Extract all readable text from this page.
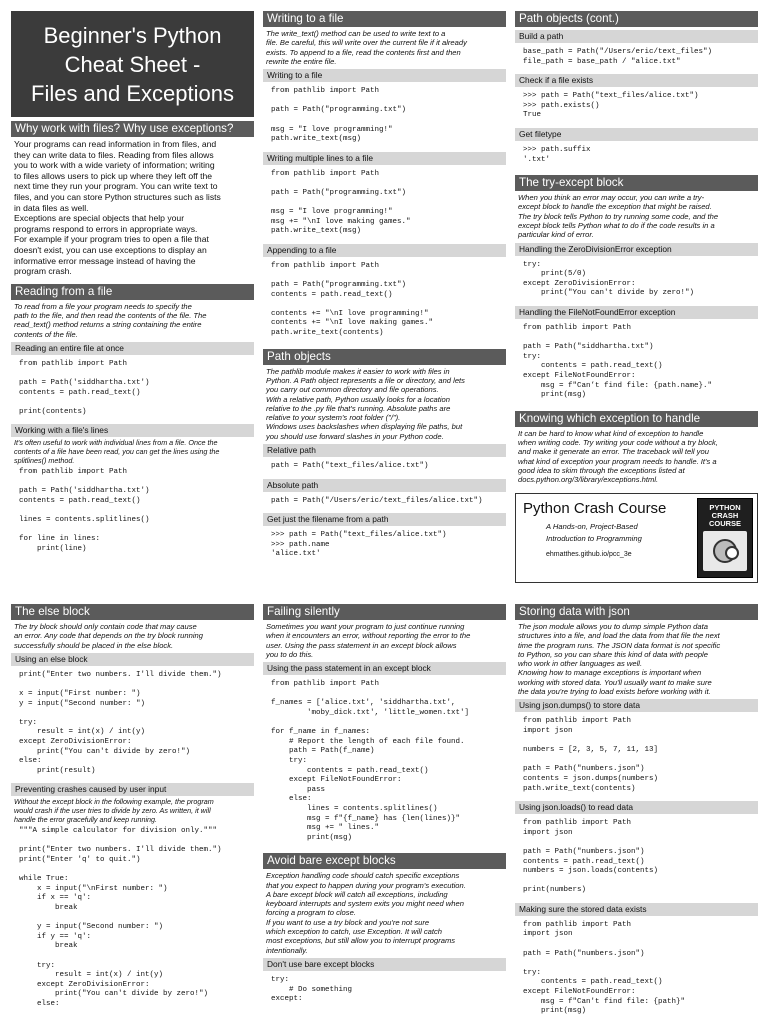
Beginner's Python
Cheat Sheet -
Files and Exceptions
Why work with files? Why use exceptions?
Your programs can read information in from files, and
they can write data to files. Reading from files allows
you to work with a wide variety of information; writing
to files allows users to pick up where they left off the
next time they run your program. You can write text to
files, and you can store Python structures such as lists
in data files as well.
Exceptions are special objects that help your
programs respond to errors in appropriate ways.
For example if your program tries to open a file that
doesn't exist, you can use exceptions to display an
informative error message instead of having the
program crash.
Reading from a file
To read from a file your program needs to specify the
path to the file, and then read the contents of the file. The
read_text() method returns a string containing the entire
contents of the file.
Reading an entire file at once
from pathlib import Path

path = Path('siddhartha.txt')
contents = path.read_text()

print(contents)
Working with a file's lines
It's often useful to work with individual lines from a file. Once the
contents of a file have been read, you can get the lines using the
splitlines() method.
from pathlib import Path

path = Path('siddhartha.txt')
contents = path.read_text()

lines = contents.splitlines()

for line in lines:
print(line)
Writing to a file
The write_text() method can be used to write text to a
file. Be careful, this will write over the current file if it already
exists. To append to a file, read the contents first and then
rewrite the entire file.
Writing to a file
from pathlib import Path

path = Path("programming.txt")

msg = "I love programming!"
path.write_text(msg)
Writing multiple lines to a file
from pathlib import Path

path = Path("programming.txt")

msg = "I love programming!"
msg += "\nI love making games."
path.write_text(msg)
Appending to a file
from pathlib import Path

path = Path("programming.txt")
contents = path.read_text()

contents += "\nI love programming!"
contents += "\nI love making games."
path.write_text(contents)
Path objects
The pathlib module makes it easier to work with files in
Python. A Path object represents a file or directory, and lets
you carry out common directory and file operations.
With a relative path, Python usually looks for a location
relative to the .py file that's running. Absolute paths are
relative to your system's root folder ("/").
Windows uses backslashes when displaying file paths, but
you should use forward slashes in your Python code.
Relative path
path = Path("text_files/alice.txt")
Absolute path
path = Path("/Users/eric/text_files/alice.txt")
Get just the filename from a path
>>> path = Path("text_files/alice.txt")
>>> path.name
'alice.txt'
Path objects (cont.)
Build a path
base_path = Path("/Users/eric/text_files")
file_path = base_path / "alice.txt"
Check if a file exists
>>> path = Path("text_files/alice.txt")
>>> path.exists()
True
Get filetype
>>> path.suffix
'.txt'
The try-except block
When you think an error may occur, you can write a try-
except block to handle the exception that might be raised.
The try block tells Python to try running some code, and the
except block tells Python what to do if the code results in a
particular kind of error.
Handling the ZeroDivisionError exception
try:
print(5/0)
except ZeroDivisionError:
print("You can't divide by zero!")
Handling the FileNotFoundError exception
from pathlib import Path

path = Path("siddhartha.txt")
try:
contents = path.read_text()
except FileNotFoundError:
msg = f"Can’t find file: {path.name}."
print(msg)
Knowing which exception to handle
It can be hard to know what kind of exception to handle
when writing code. Try writing your code without a try block,
and make it generate an error. The traceback will tell you
what kind of exception your program needs to handle. It's a
good idea to skim through the exceptions listed at
docs.python.org/3/library/exceptions.html.
Python Crash Course
A Hands-on, Project-Based
Introduction to Programming
ehmatthes.github.io/pcc_3e
PYTHON
CRASH COURSE
The else block
The try block should only contain code that may cause
an error. Any code that depends on the try block running
successfully should be placed in the else block.
Using an else block
print("Enter two numbers. I'll divide them.")

x = input("First number: ")
y = input("Second number: ")

try:
result = int(x) / int(y)
except ZeroDivisionError:
print("You can't divide by zero!")
else:
print(result)
Preventing crashes caused by user input
Without the except block in the following example, the program
would crash if the user tries to divide by zero. As written, it will
handle the error gracefully and keep running.
"""A simple calculator for division only."""

print("Enter two numbers. I'll divide them.")
print("Enter 'q' to quit.")

while True:
x = input("\nFirst number: ")
if x == 'q':
break

y = input("Second number: ")
if y == 'q':
break

try:
result = int(x) / int(y)
except ZeroDivisionError:
print("You can't divide by zero!")
else:
Failing silently
Sometimes you want your program to just continue running
when it encounters an error, without reporting the error to the
user. Using the pass statement in an except block allows
you to do this.
Using the pass statement in an except block
from pathlib import Path

f_names = ['alice.txt', 'siddhartha.txt',
'moby_dick.txt', 'little_women.txt']

for f_name in f_names:
# Report the length of each file found.
path = Path(f_name)
try:
contents = path.read_text()
except FileNotFoundError:
pass
else:
lines = contents.splitlines()
msg = f"{f_name} has {len(lines)}"
msg += " lines."
print(msg)
Avoid bare except blocks
Exception handling code should catch specific exceptions
that you expect to happen during your program's execution.
A bare except block will catch all exceptions, including
keyboard interrupts and system exits you might need when
forcing a program to close.
If you want to use a try block and you're not sure
which exception to catch, use Exception. It will catch
most exceptions, but still allow you to interrupt programs
intentionally.
Don't use bare except blocks
try:
# Do something
except:
Storing data with json
The json module allows you to dump simple Python data
structures into a file, and load the data from that file the next
time the program runs. The JSON data format is not specific
to Python, so you can share this kind of data with people
who work in other languages as well.
Knowing how to manage exceptions is important when
working with stored data. You'll usually want to make sure
the data you're trying to load exists before working with it.
Using json.dumps() to store data
from pathlib import Path
import json

numbers = [2, 3, 5, 7, 11, 13]

path = Path("numbers.json")
contents = json.dumps(numbers)
path.write_text(contents)
Using json.loads() to read data
from pathlib import Path
import json

path = Path("numbers.json")
contents = path.read_text()
numbers = json.loads(contents)

print(numbers)
Making sure the stored data exists
from pathlib import Path
import json

path = Path("numbers.json")

try:
contents = path.read_text()
except FileNotFoundError:
msg = f"Can't find file: {path}"
print(msg)
